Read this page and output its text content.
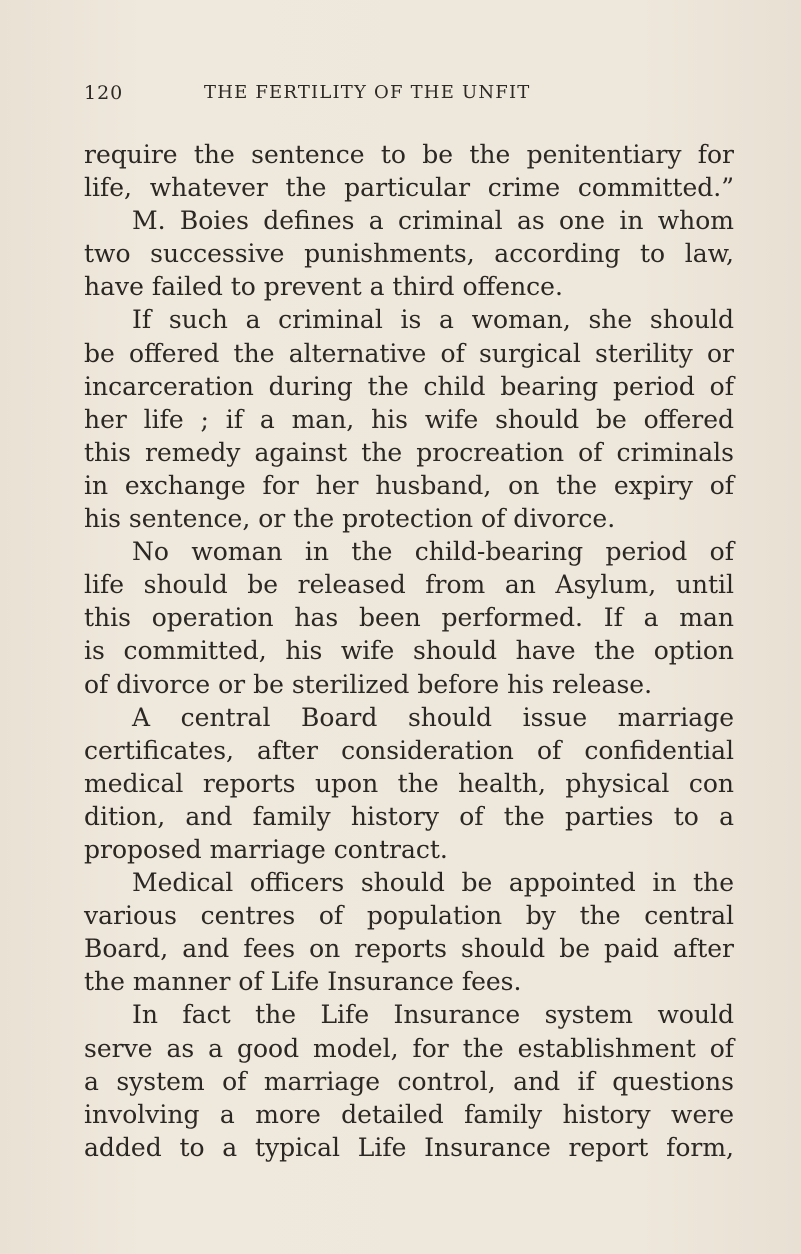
120	THE FERTILITY OF THE UNFIT
require the sentence to be the penitentiary for
life, whatever the particular crime committed.”
M. Boies defines a criminal as one in whom
two successive punishments, according to law,
have failed to prevent a third offence.
If such a criminal is a woman, she should
be offered the alternative of surgical sterility or
incarceration during the child bearing period of
her life ; if a man, his wife should be offered
this remedy against the procreation of criminals
in exchange for her husband, on the expiry of
his sentence, or the protection of divorce.
No woman in the child-bearing period of
life should be released from an Asylum, until
this operation has been performed. If a man
is committed, his wife should have the option
of divorce or be sterilized before his release.
A central Board should issue marriage
certificates, after consideration of confidential
medical reports upon the health, physical con
dition, and family history of the parties to a
proposed marriage contract.
Medical officers should be appointed in the
various centres of population by the central
Board, and fees on reports should be paid after
the manner of Life Insurance fees.
In fact the Life Insurance system would
serve as a good model, for the establishment of
a system of marriage control, and if questions
involving a more detailed family history were
added to a typical Life Insurance report form,
